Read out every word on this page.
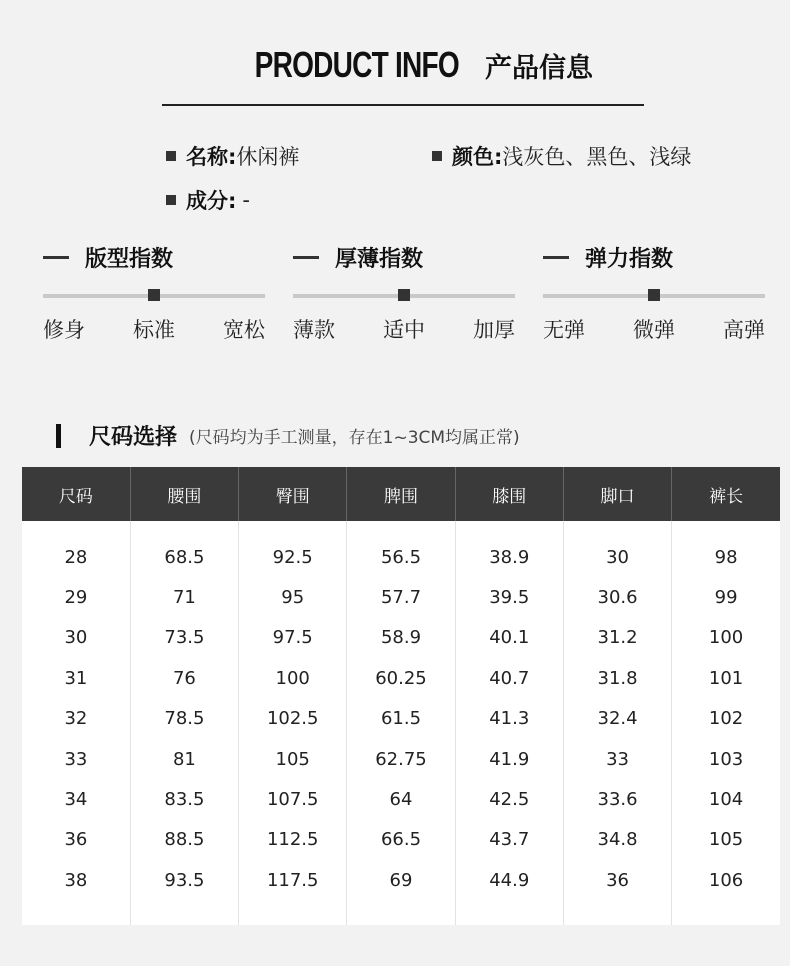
PRODUCT INFO 产品信息
名称: 休闲裤	颜色: 浅灰色、黑色、浅绿
成分: -
版型指数
修身 标准 宽松
厚薄指数
薄款 适中 加厚
弹力指数
无弹 微弹 高弹
尺码选择 (尺码均为手工测量，存在1~3CM均属正常)
尺码	腰围	臀围	脾围	膝围	脚口	裤长

28	68.5	92.5	56.5	38.9	30	98
29	71	95	57.7	39.5	30.6	99
30	73.5	97.5	58.9	40.1	31.2	100
31	76	100	60.25	40.7	31.8	101
32	78.5	102.5	61.5	41.3	32.4	102
33	81	105	62.75	41.9	33	103
34	83.5	107.5	64	42.5	33.6	104
36	88.5	112.5	66.5	43.7	34.8	105
38	93.5	117.5	69	44.9	36	106
